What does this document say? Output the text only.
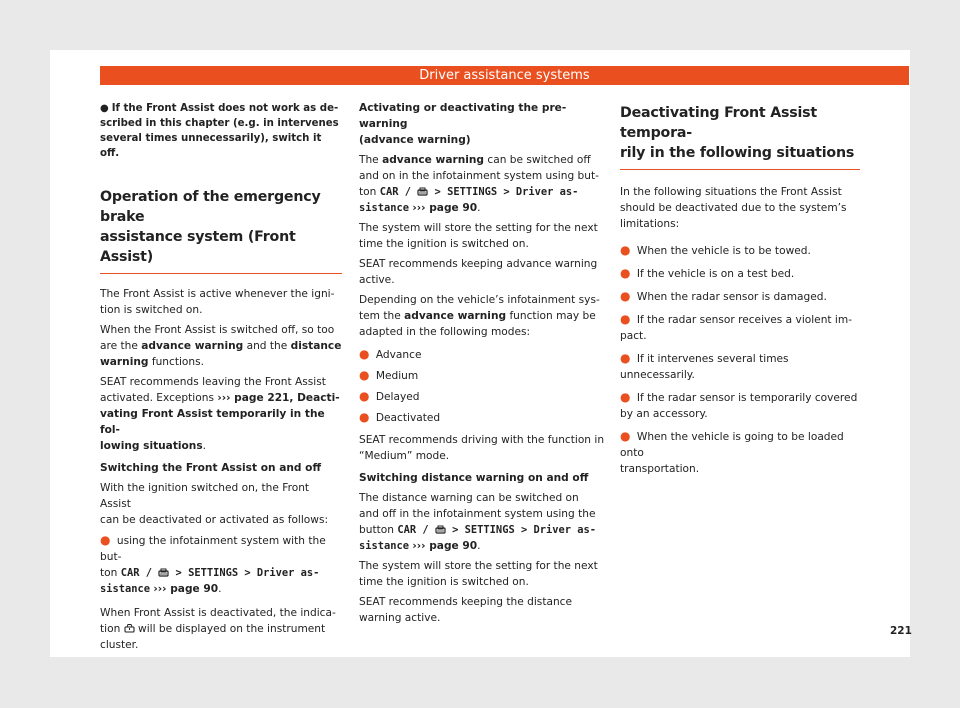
Driver assistance systems
● If the Front Assist does not work as de-
scribed in this chapter (e.g. in intervenes
several times unnecessarily), switch it off.
Operation of the emergency brake
assistance system (Front Assist)

The Front Assist is active whenever the igni-
tion is switched on.

When the Front Assist is switched off, so too
are the advance warning and the distance
warning functions.

SEAT recommends leaving the Front Assist
activated. Exceptions ››› page 221, Deacti-
vating Front Assist temporarily in the fol-
lowing situations.

Switching the Front Assist on and off

With the ignition switched on, the Front Assist
can be deactivated or activated as follows:

● using the infotainment system with the but-
ton CAR /  > SETTINGS > Driver as-
sistance ››› page 90.

When Front Assist is deactivated, the indica-
tion will be displayed on the instrument
cluster.

Activating or deactivating the pre-warning
(advance warning)

The advance warning can be switched off
and on in the infotainment system using but-
ton CAR /  > SETTINGS > Driver as-
sistance ››› page 90.

The system will store the setting for the next
time the ignition is switched on.

SEAT recommends keeping advance warning
active.

Depending on the vehicle’s infotainment sys-
tem the advance warning function may be
adapted in the following modes:

● Advance
● Medium
● Delayed
● Deactivated

SEAT recommends driving with the function in
“Medium” mode.

Switching distance warning on and off

The distance warning can be switched on
and off in the infotainment system using the
button CAR /  > SETTINGS > Driver as-
sistance ››› page 90.

The system will store the setting for the next
time the ignition is switched on.

SEAT recommends keeping the distance
warning active.

Deactivating Front Assist tempora-
rily in the following situations

In the following situations the Front Assist
should be deactivated due to the system’s
limitations:

● When the vehicle is to be towed.
● If the vehicle is on a test bed.
● When the radar sensor is damaged.
● If the radar sensor receives a violent im-
pact.
● If it intervenes several times unnecessarily.
● If the radar sensor is temporarily covered
by an accessory.
● When the vehicle is going to be loaded onto
transportation.
221
